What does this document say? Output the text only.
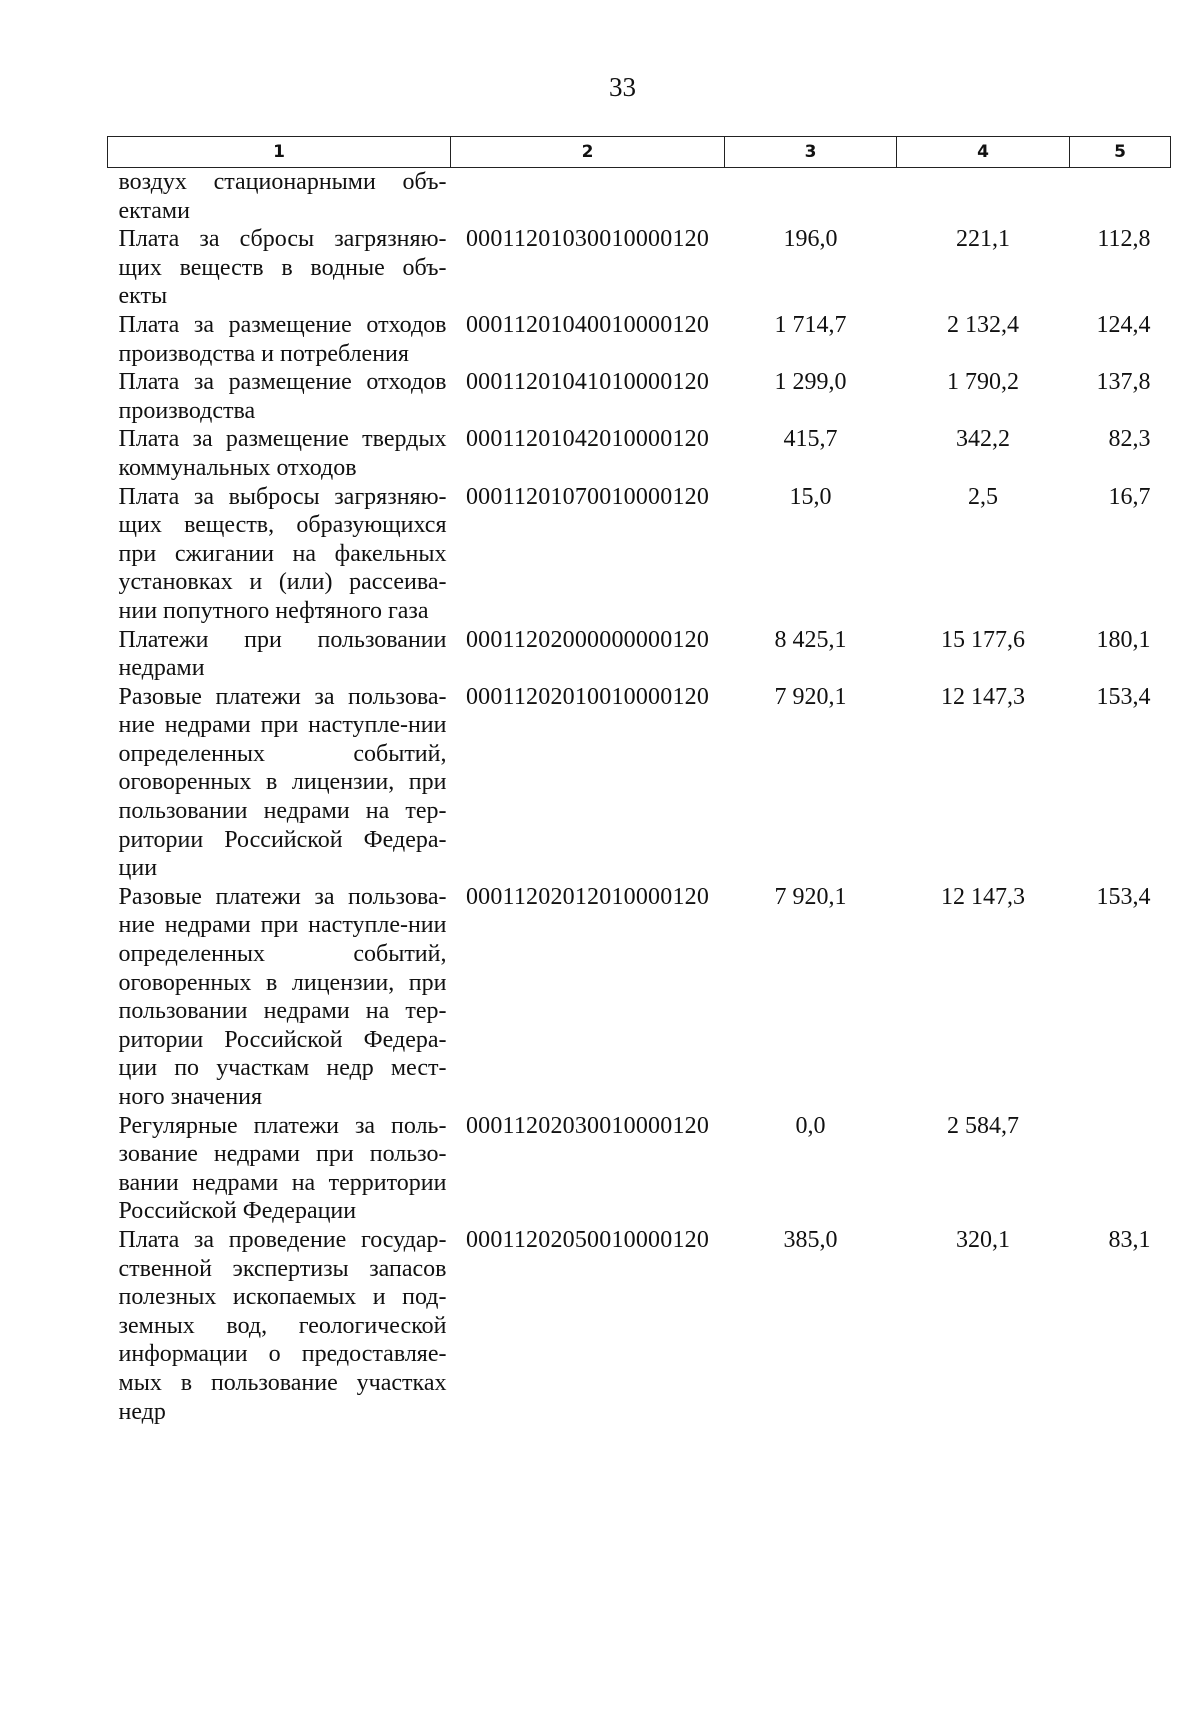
33
1	2	3	4	5
воздух стационарными объ-ектами				
Плата за сбросы загрязняю-щих веществ в водные объ-екты	00011201030010000120	196,0	221,1	112,8
Плата за размещение отходов производства и потребления	00011201040010000120	1 714,7	2 132,4	124,4
Плата за размещение отходов производства	00011201041010000120	1 299,0	1 790,2	137,8
Плата за размещение твердых коммунальных отходов	00011201042010000120	415,7	342,2	82,3
Плата за выбросы загрязняю-щих веществ, образующихся при сжигании на факельных установках и (или) рассеива-нии попутного нефтяного газа	00011201070010000120	15,0	2,5	16,7
Платежи при пользовании недрами	00011202000000000120	8 425,1	15 177,6	180,1
Разовые платежи за пользова-ние недрами при наступле-нии определенных событий, оговоренных в лицензии, при пользовании недрами на тер-ритории Российской Федера-ции	00011202010010000120	7 920,1	12 147,3	153,4
Разовые платежи за пользова-ние недрами при наступле-нии определенных событий, оговоренных в лицензии, при пользовании недрами на тер-ритории Российской Федера-ции по участкам недр мест-ного значения	00011202012010000120	7 920,1	12 147,3	153,4
Регулярные платежи за поль-зование недрами при пользо-вании недрами на территории Российской Федерации	00011202030010000120	0,0	2 584,7	
Плата за проведение государ-ственной экспертизы запасов полезных ископаемых и под-земных вод, геологической информации о предоставляе-мых в пользование участках недр	00011202050010000120	385,0	320,1	83,1
